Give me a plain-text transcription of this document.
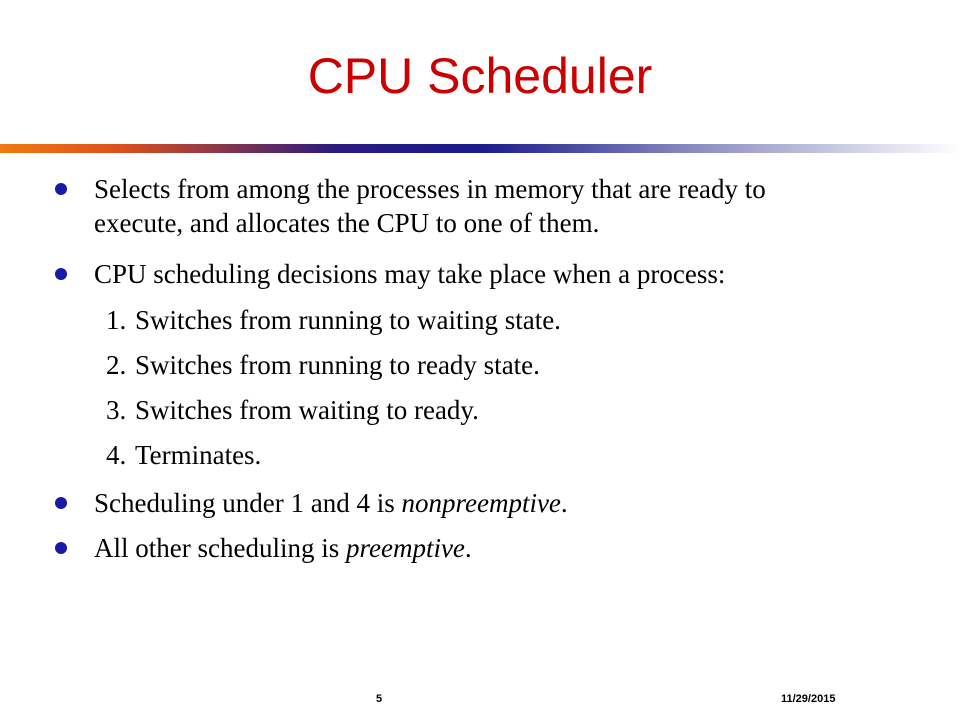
CPU Scheduler
Selects from among the processes in memory that are ready to
execute, and allocates the CPU to one of them.
CPU scheduling decisions may take place when a process:
1. Switches from running to waiting state.
2. Switches from running to ready state.
3. Switches from waiting to ready.
4. Terminates.
Scheduling under 1 and 4 is nonpreemptive.
All other scheduling is preemptive.
5	11/29/2015
